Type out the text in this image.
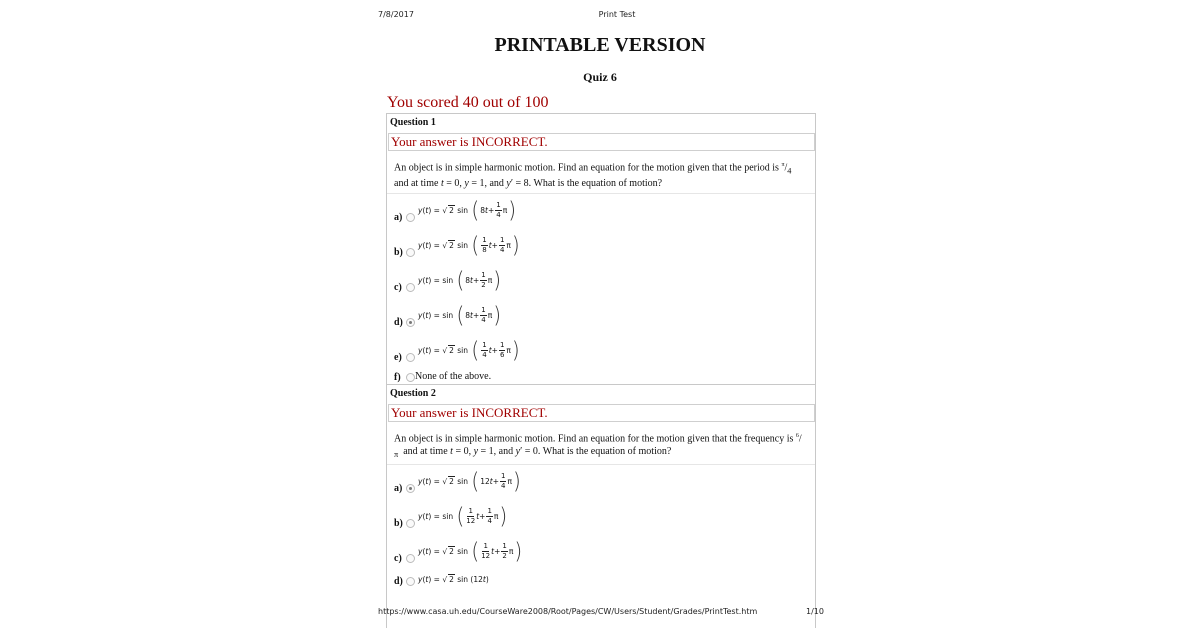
7/8/2017	Print Test
PRINTABLE VERSION
Quiz 6
You scored 40 out of 100
Question 1
Your answer is INCORRECT.
An object is in simple harmonic motion. Find an equation for the motion given that the period is $^\pi/_4$ and at time t = 0, y = 1, and y′ = 8. What is the equation of motion?
a)
y ( t ) = √ 2 sin ( 8 $t + \frac{1}{4}$ π )
b)
y ( t ) = √ 2 sin ( $\frac{1}{8}$ $t + \frac{1}{4}$ π )
c)
y ( t ) = sin ( 8 $t + \frac{1}{2}$ π )
d)
y ( t ) = sin ( 8 $t + \frac{1}{4}$ π )
e)
y ( t ) = √ 2 sin ( $\frac{1}{4}$ $t + \frac{1}{6}$ π )
f) None of the above.
Question 2
Your answer is INCORRECT.
An object is in simple harmonic motion. Find an equation for the motion given that the frequency is $^6/_\pi$  and at time t = 0, y = 1, and y′ = 0. What is the equation of motion?
a)
y ( t ) = √ 2 sin ( 12 $t + \frac{1}{4}$ π )
b)
y ( t ) = sin ( $\frac{1}{12}$ $t + \frac{1}{4}$ π )
c)
y ( t ) = √ 2 sin ( $\frac{1}{12}$ $t + \frac{1}{2}$ π )
d) y ( t ) = √ 2 sin (12 t )
https://www.casa.uh.edu/CourseWare2008/Root/Pages/CW/Users/Student/Grades/PrintTest.htm	1/10
